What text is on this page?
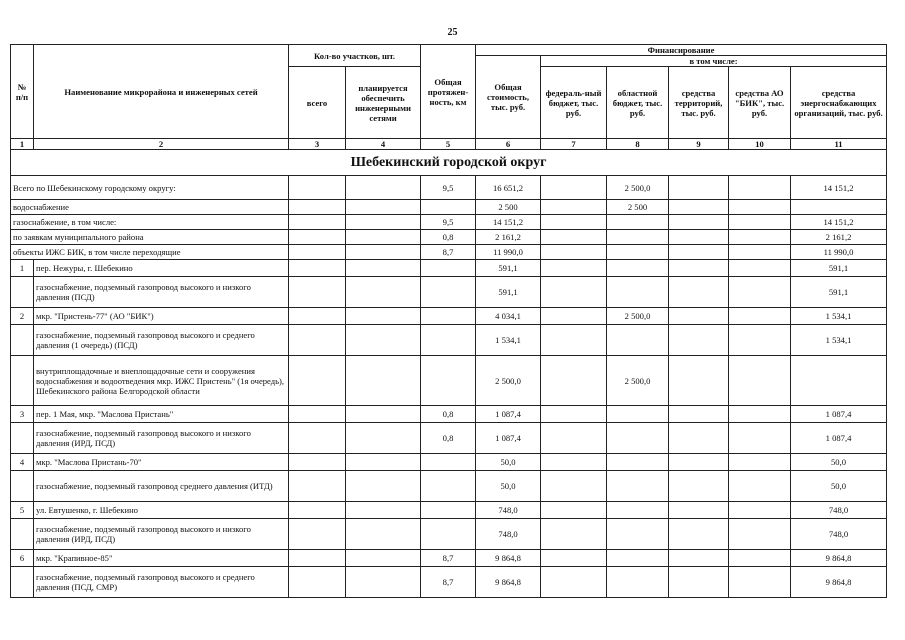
25
№ п/п	Наименование микрорайона и инженерных сетей	Кол-во участков, шт.		Общая протяжен-ность, км	Финансирование					
					Общая стоимость, тыс. руб.	в том числе:				
		всего	планируется обеспечить инженерными сетями			федераль-ный бюджет, тыс. руб.	областной бюджет, тыс. руб.	средства территорий, тыс. руб.	средства АО "БИК", тыс. руб.	средства энергоснабжающих организаций, тыс. руб.
1	2	3	4	5	6	7	8	9	10	11
Шебекинский городской округ										
Всего по Шебекинскому городскому округу:				9,5	16 651,2		2 500,0			14 151,2
водоснабжение					2 500		2 500			
газоснабжение, в том числе:				9,5	14 151,2					14 151,2
по заявкам муниципального района				0,8	2 161,2					2 161,2
объекты ИЖС БИК, в том числе переходящие				8,7	11 990,0					11 990,0
1	пер. Нежуры, г. Шебекино				591,1					591,1
	газоснабжение, подземный газопровод высокого и низкого давления (ПСД)				591,1					591,1
2	мкр. "Пристень-77" (АО "БИК")				4 034,1		2 500,0			1 534,1
	газоснабжение, подземный газопровод высокого и среднего давления (1 очередь) (ПСД)				1 534,1					1 534,1
	внутриплощадочные и внеплощадочные сети и сооружения водоснабжения и водоотведения мкр. ИЖС Пристень" (1я очередь), Шебекинского района Белгородской области				2 500,0		2 500,0			
3	пер. 1 Мая, мкр. "Маслова Пристань"			0,8	1 087,4					1 087,4
	газоснабжение, подземный газопровод высокого и низкого давления (ИРД, ПСД)			0,8	1 087,4					1 087,4
4	мкр. "Маслова Пристань-70"				50,0					50,0
	газоснабжение, подземный газопровод среднего давления (ИТД)				50,0					50,0
5	ул. Евтушенко, г. Шебекино				748,0					748,0
	газоснабжение, подземный газопровод высокого и низкого давления (ИРД, ПСД)				748,0					748,0
6	мкр. "Крапивное-85"			8,7	9 864,8					9 864,8
	газоснабжение, подземный газопровод высокого и среднего давления (ПСД, СМР)			8,7	9 864,8					9 864,8
